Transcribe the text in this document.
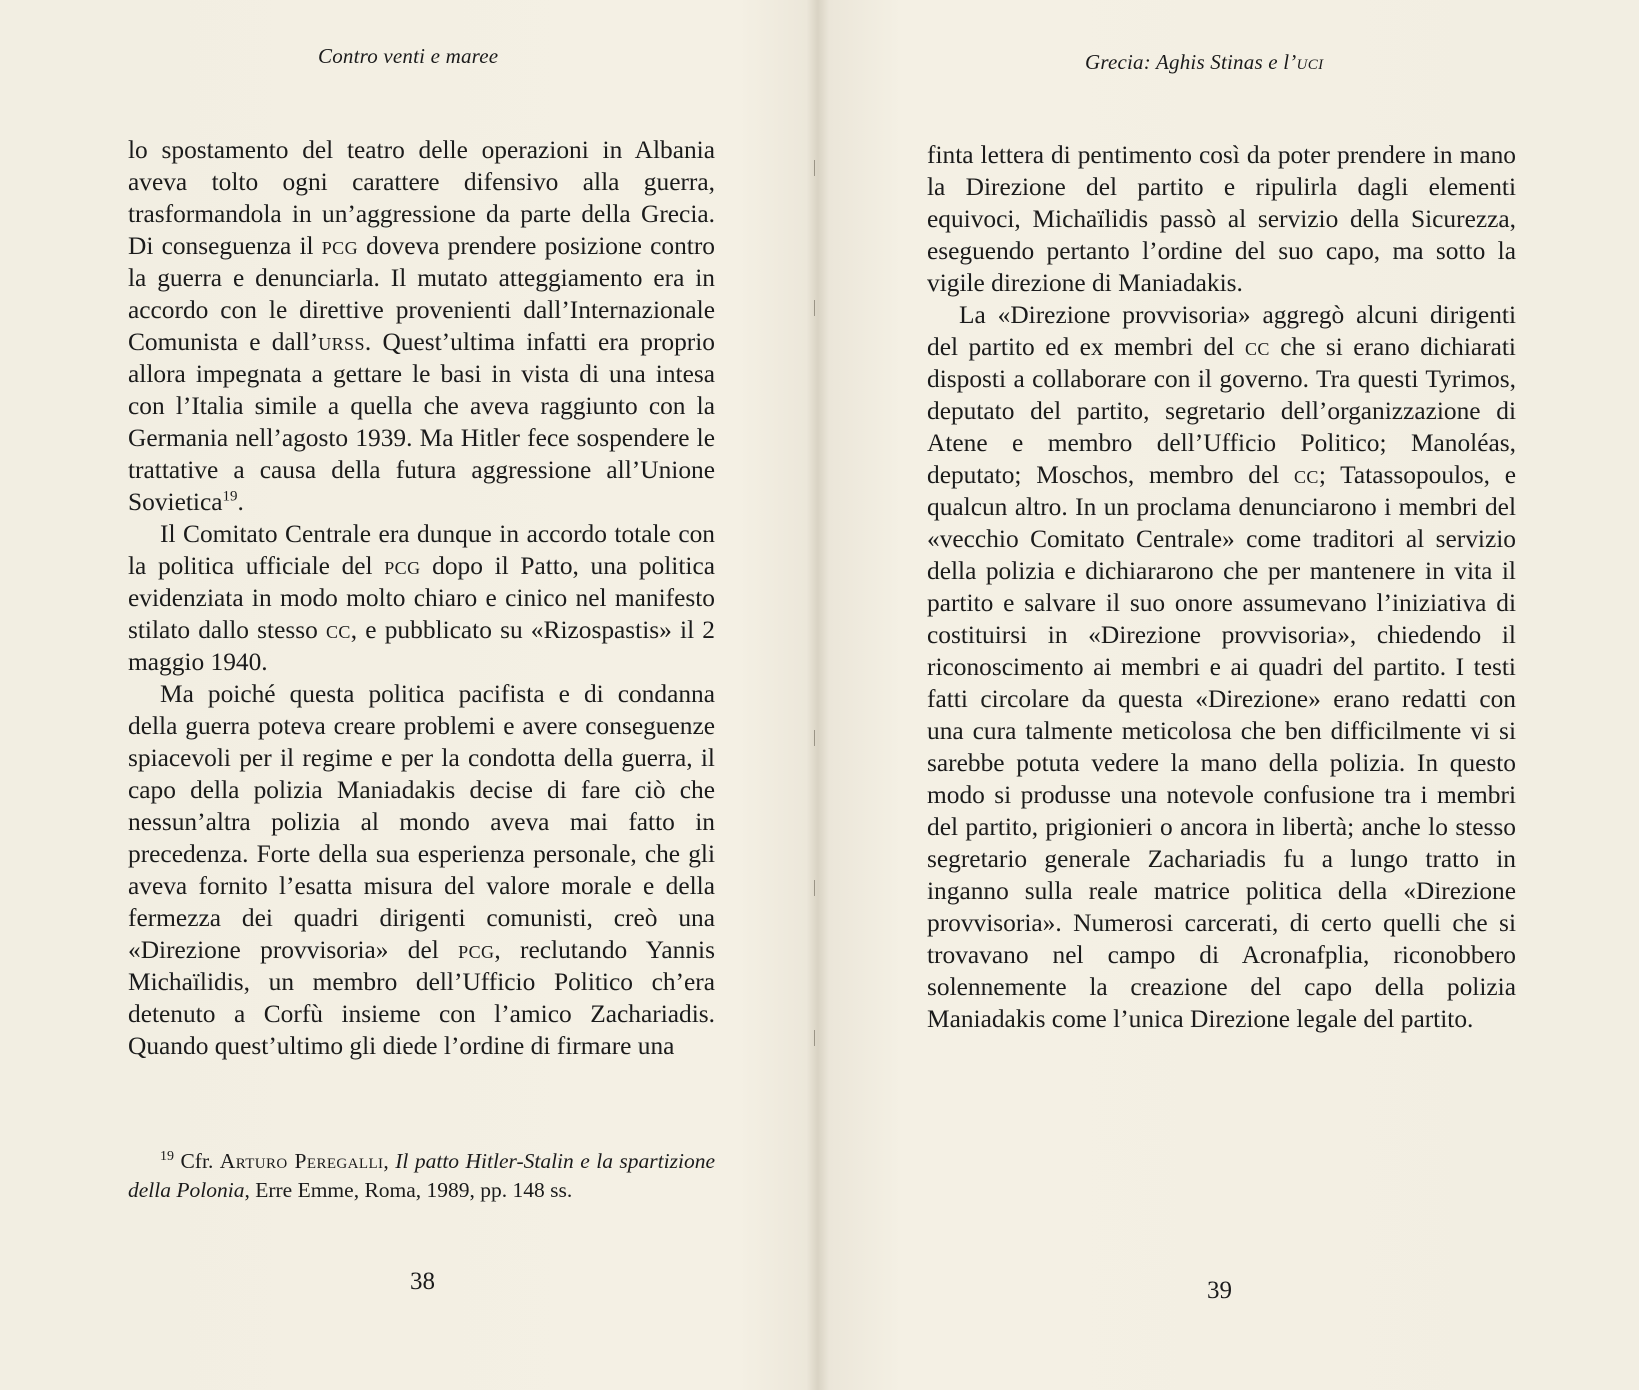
Contro venti e maree

lo spostamento del teatro delle operazioni in Albania aveva tolto ogni carattere difensivo alla guerra, trasformandola in un’aggressione da parte della Grecia. Di conseguenza il pcg doveva prendere posizione contro la guerra e denunciarla. Il mutato atteggiamento era in accordo con le direttive provenienti dall’Internazionale Comunista e dall’urss. Quest’ultima infatti era proprio allora impegnata a gettare le basi in vista di una intesa con l’Italia simile a quella che aveva raggiunto con la Germania nell’agosto 1939. Ma Hitler fece sospendere le trattative a causa della futura aggressione all’Unione Sovietica$^{19}$.

Il Comitato Centrale era dunque in accordo totale con la politica ufficiale del pcg dopo il Patto, una politica evidenziata in modo molto chiaro e cinico nel manifesto stilato dallo stesso cc, e pubblicato su «Rizospastis» il 2 maggio 1940.

Ma poiché questa politica pacifista e di condanna della guerra poteva creare problemi e avere conseguenze spiacevoli per il regime e per la condotta della guerra, il capo della polizia Maniadakis decise di fare ciò che nessun’altra polizia al mondo aveva mai fatto in precedenza. Forte della sua esperienza personale, che gli aveva fornito l’esatta misura del valore morale e della fermezza dei quadri dirigenti comunisti, creò una «Direzione provvisoria» del pcg, reclutando Yannis Michaïlidis, un membro dell’Ufficio Politico ch’era detenuto a Corfù insieme con l’amico Zachariadis. Quando quest’ultimo gli diede l’ordine di firmare una

$^{19}$ Cfr. Arturo Peregalli, Il patto Hitler-Stalin e la spartizione della Polonia, Erre Emme, Roma, 1989, pp. 148 ss.
38
Grecia: Aghis Stinas e l’uci

finta lettera di pentimento così da poter prendere in mano la Direzione del partito e ripulirla dagli elementi equivoci, Michaïlidis passò al servizio della Sicurezza, eseguendo pertanto l’ordine del suo capo, ma sotto la vigile direzione di Maniadakis.

La «Direzione provvisoria» aggregò alcuni dirigenti del partito ed ex membri del cc che si erano dichiarati disposti a collaborare con il governo. Tra questi Tyrimos, deputato del partito, segretario dell’organizzazione di Atene e membro dell’Ufficio Politico; Manoléas, deputato; Moschos, membro del cc; Tatassopoulos, e qualcun altro. In un proclama denunciarono i membri del «vecchio Comitato Centrale» come traditori al servizio della polizia e dichiararono che per mantenere in vita il partito e salvare il suo onore assumevano l’iniziativa di costituirsi in «Direzione provvisoria», chiedendo il riconoscimento ai membri e ai quadri del partito. I testi fatti circolare da questa «Direzione» erano redatti con una cura talmente meticolosa che ben difficilmente vi si sarebbe potuta vedere la mano della polizia. In questo modo si produsse una notevole confusione tra i membri del partito, prigionieri o ancora in libertà; anche lo stesso segretario generale Zachariadis fu a lungo tratto in inganno sulla reale matrice politica della «Direzione provvisoria». Numerosi carcerati, di certo quelli che si trovavano nel campo di Acronafplia, riconobbero solennemente la creazione del capo della polizia Maniadakis come l’unica Direzione legale del partito.

39
